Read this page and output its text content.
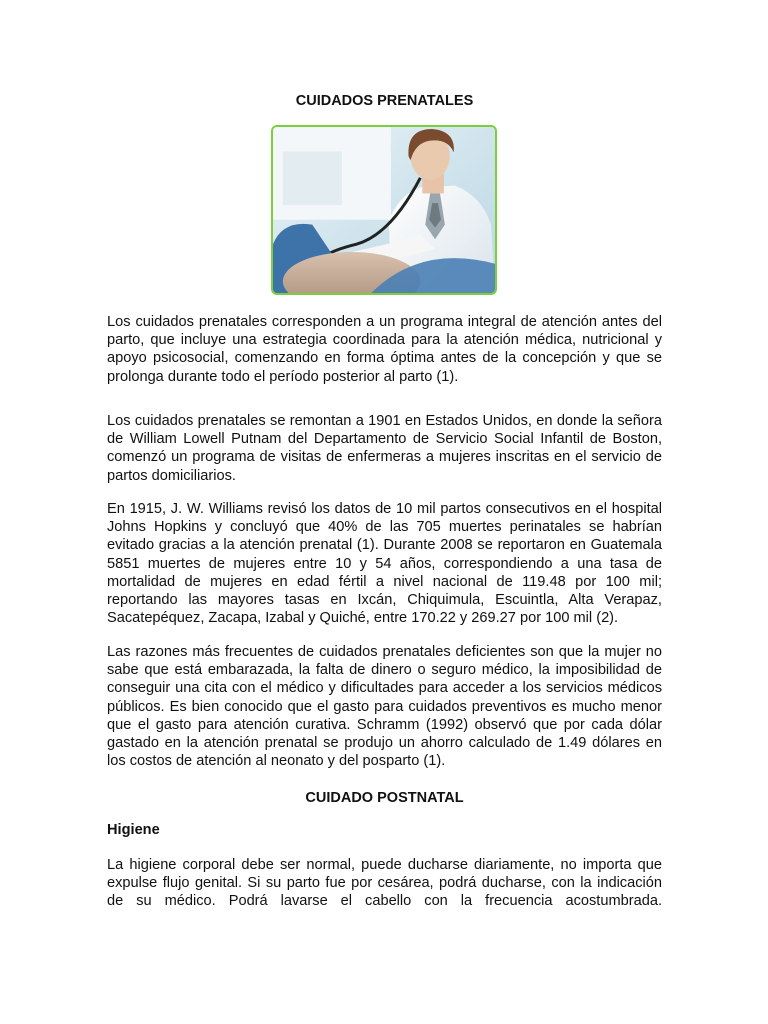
CUIDADOS PRENATALES

Los cuidados prenatales corresponden a un programa integral de atención antes del parto, que incluye una estrategia coordinada para la atención médica, nutricional y apoyo psicosocial, comenzando en forma óptima antes de la concepción y que se prolonga durante todo el período posterior al parto (1).

Los cuidados prenatales se remontan a 1901 en Estados Unidos, en donde la señora de William Lowell Putnam del Departamento de Servicio Social Infantil de Boston, comenzó un programa de visitas de enfermeras a mujeres inscritas en el servicio de partos domiciliarios.

En 1915, J. W. Williams revisó los datos de 10 mil partos consecutivos en el hospital Johns Hopkins y concluyó que 40% de las 705 muertes perinatales se habrían evitado gracias a la atención prenatal (1). Durante 2008 se reportaron en Guatemala 5851 muertes de mujeres entre 10 y 54 años, correspondiendo a una tasa de mortalidad de mujeres en edad fértil a nivel nacional de 119.48 por 100 mil; reportando las mayores tasas en Ixcán, Chiquimula, Escuintla, Alta Verapaz, Sacatepéquez, Zacapa, Izabal y Quiché, entre 170.22 y 269.27 por 100 mil (2).

Las razones más frecuentes de cuidados prenatales deficientes son que la mujer no sabe que está embarazada, la falta de dinero o seguro médico, la imposibilidad de conseguir una cita con el médico y dificultades para acceder a los servicios médicos públicos. Es bien conocido que el gasto para cuidados preventivos es mucho menor que el gasto para atención curativa. Schramm (1992) observó que por cada dólar gastado en la atención prenatal se produjo un ahorro calculado de 1.49 dólares en los costos de atención al neonato y del posparto (1).

CUIDADO POSTNATAL
Higiene

La higiene corporal debe ser normal, puede ducharse diariamente, no importa que expulse flujo genital. Si su parto fue por cesárea, podrá ducharse, con la indicación de su médico. Podrá lavarse el cabello con la frecuencia acostumbrada.
